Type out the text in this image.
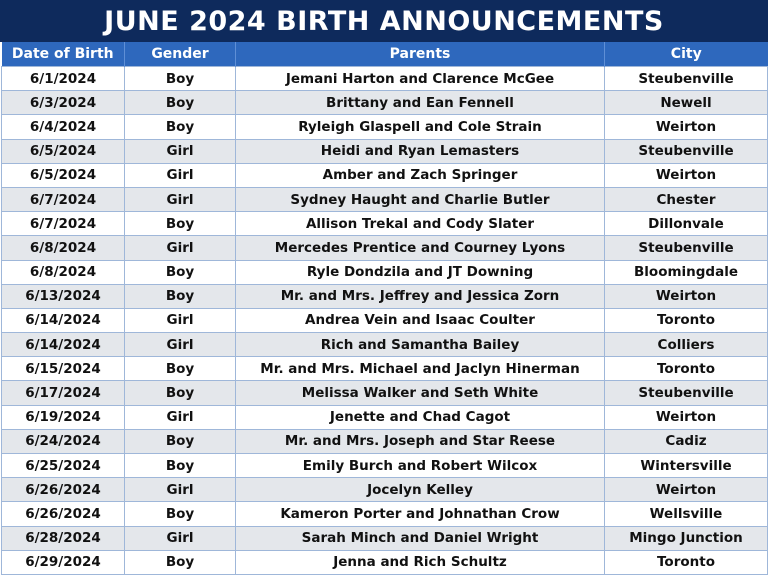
JUNE 2024 BIRTH ANNOUNCEMENTS
Date of Birth	Gender	Parents	City
6/1/2024	Boy	Jemani Harton and Clarence McGee	Steubenville
6/3/2024	Boy	Brittany and Ean Fennell	Newell
6/4/2024	Boy	Ryleigh Glaspell and Cole Strain	Weirton
6/5/2024	Girl	Heidi and Ryan Lemasters	Steubenville
6/5/2024	Girl	Amber and Zach Springer	Weirton
6/7/2024	Girl	Sydney Haught and Charlie Butler	Chester
6/7/2024	Boy	Allison Trekal and Cody Slater	Dillonvale
6/8/2024	Girl	Mercedes Prentice and Courney Lyons	Steubenville
6/8/2024	Boy	Ryle Dondzila and JT Downing	Bloomingdale
6/13/2024	Boy	Mr. and Mrs. Jeffrey and Jessica Zorn	Weirton
6/14/2024	Girl	Andrea Vein and Isaac Coulter	Toronto
6/14/2024	Girl	Rich and Samantha Bailey	Colliers
6/15/2024	Boy	Mr. and Mrs. Michael and Jaclyn Hinerman	Toronto
6/17/2024	Boy	Melissa Walker and Seth White	Steubenville
6/19/2024	Girl	Jenette and Chad Cagot	Weirton
6/24/2024	Boy	Mr. and Mrs. Joseph and Star Reese	Cadiz
6/25/2024	Boy	Emily Burch and Robert Wilcox	Wintersville
6/26/2024	Girl	Jocelyn Kelley	Weirton
6/26/2024	Boy	Kameron Porter and Johnathan Crow	Wellsville
6/28/2024	Girl	Sarah Minch and Daniel Wright	Mingo Junction
6/29/2024	Boy	Jenna and Rich Schultz	Toronto
